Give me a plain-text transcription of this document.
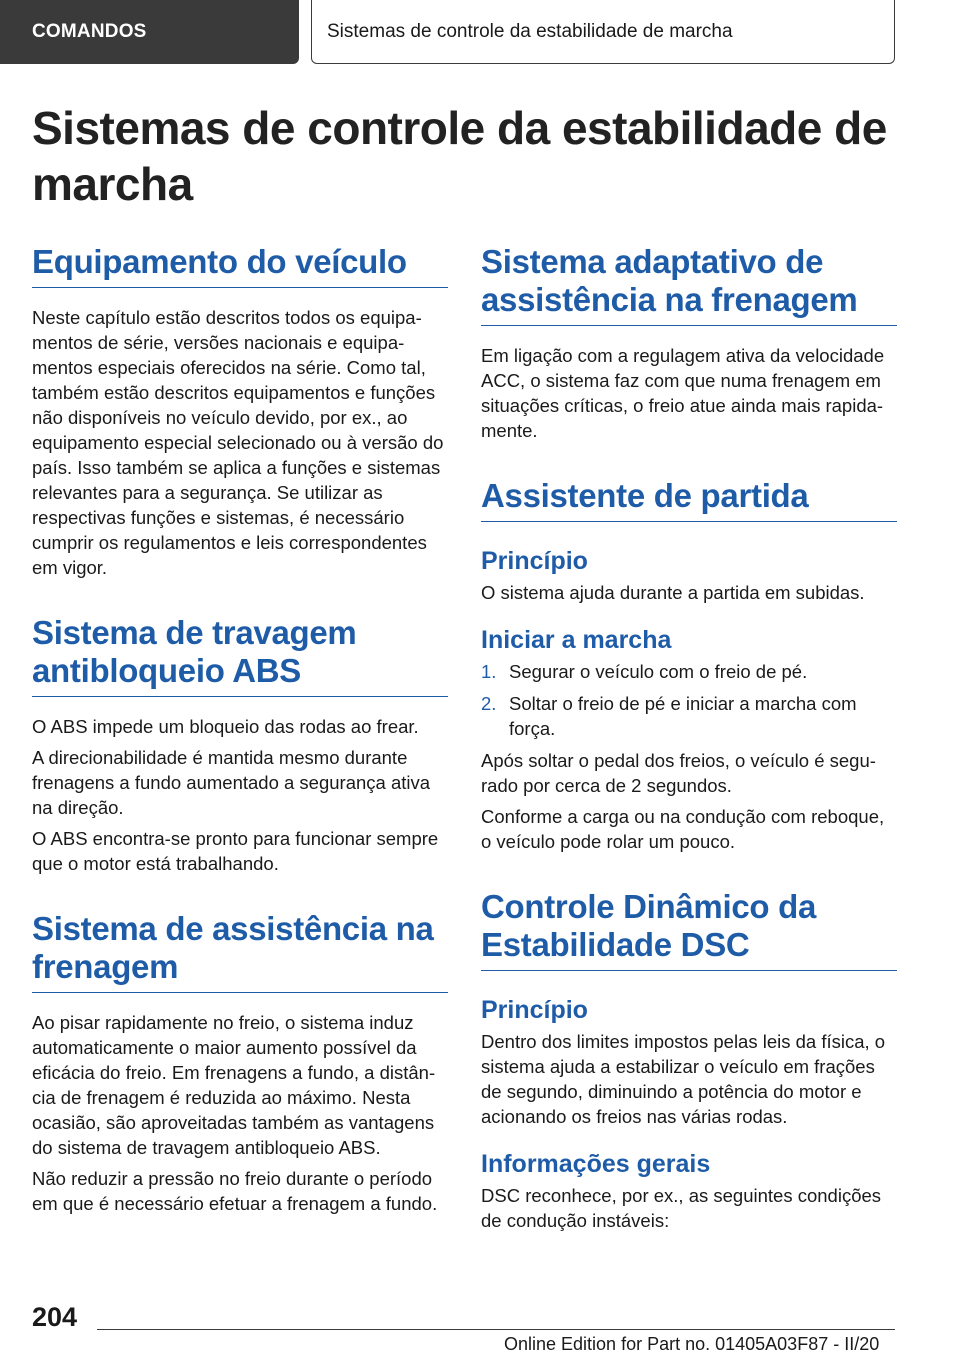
COMANDOS	Sistemas de controle da estabilidade de marcha
Sistemas de controle da estabilidade de marcha
Equipamento do veículo

Neste capítulo estão descritos todos os equipamentos de série, versões nacionais e equipamentos especiais oferecidos na série. Como tal, também estão descritos equipamentos e funções não disponíveis no veículo devido, por ex., ao equipamento especial selecionado ou à versão do país. Isso também se aplica a funções e sistemas relevantes para a segurança. Se utilizar as respectivas funções e sistemas, é necessário cumprir os regulamentos e leis correspondentes em vigor.

Sistema de travagem antibloqueio ABS

O ABS impede um bloqueio das rodas ao frear.

A direcionabilidade é mantida mesmo durante frenagens a fundo aumentado a segurança ativa na direção.

O ABS encontra-se pronto para funcionar sempre que o motor está trabalhando.

Sistema de assistência na frenagem

Ao pisar rapidamente no freio, o sistema induz automaticamente o maior aumento possível da eficácia do freio. Em frenagens a fundo, a distância de frenagem é reduzida ao máximo. Nesta ocasião, são aproveitadas também as vantagens do sistema de travagem antibloqueio ABS.

Não reduzir a pressão no freio durante o período em que é necessário efetuar a frenagem a fundo.

Sistema adaptativo de assistência na frenagem

Em ligação com a regulagem ativa da velocidade ACC, o sistema faz com que numa frenagem em situações críticas, o freio atue ainda mais rapidamente.

Assistente de partida
Princípio

O sistema ajuda durante a partida em subidas.

Iniciar a marcha
1. Segurar o veículo com o freio de pé.
2. Soltar o freio de pé e iniciar a marcha com força.

Após soltar o pedal dos freios, o veículo é segurado por cerca de 2 segundos.

Conforme a carga ou na condução com reboque, o veículo pode rolar um pouco.

Controle Dinâmico da Estabilidade DSC
Princípio

Dentro dos limites impostos pelas leis da física, o sistema ajuda a estabilizar o veículo em frações de segundo, diminuindo a potência do motor e acionando os freios nas várias rodas.

Informações gerais

DSC reconhece, por ex., as seguintes condições de condução instáveis:

204
Online Edition for Part no. 01405A03F87 - II/20
